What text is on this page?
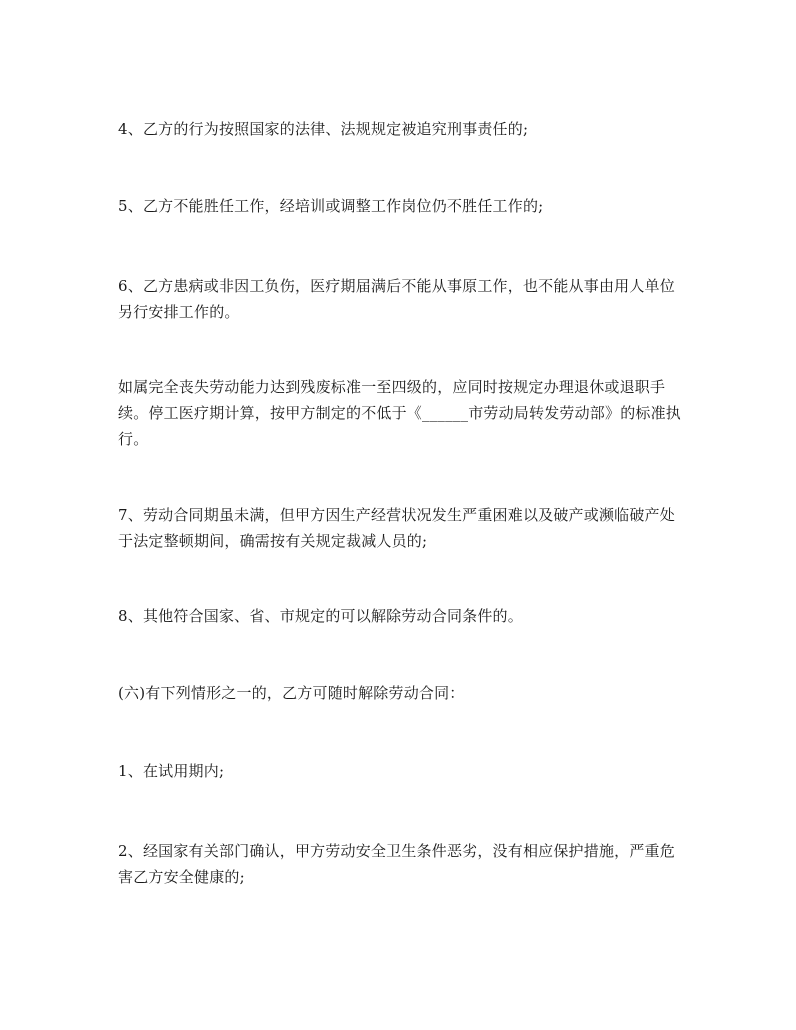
4、乙方的行为按照国家的法律、法规规定被追究刑事责任的;

5、乙方不能胜任工作，经培训或调整工作岗位仍不胜任工作的;

6、乙方患病或非因工负伤，医疗期届满后不能从事原工作，也不能从事由用人单位另行安排工作的。

如属完全丧失劳动能力达到残废标准一至四级的，应同时按规定办理退休或退职手续。停工医疗期计算，按甲方制定的不低于《______市劳动局转发劳动部》的标准执行。

7、劳动合同期虽未满，但甲方因生产经营状况发生严重困难以及破产或濒临破产处于法定整顿期间，确需按有关规定裁减人员的;

8、其他符合国家、省、市规定的可以解除劳动合同条件的。

(六)有下列情形之一的，乙方可随时解除劳动合同：

1、在试用期内;

2、经国家有关部门确认，甲方劳动安全卫生条件恶劣，没有相应保护措施，严重危害乙方安全健康的;
